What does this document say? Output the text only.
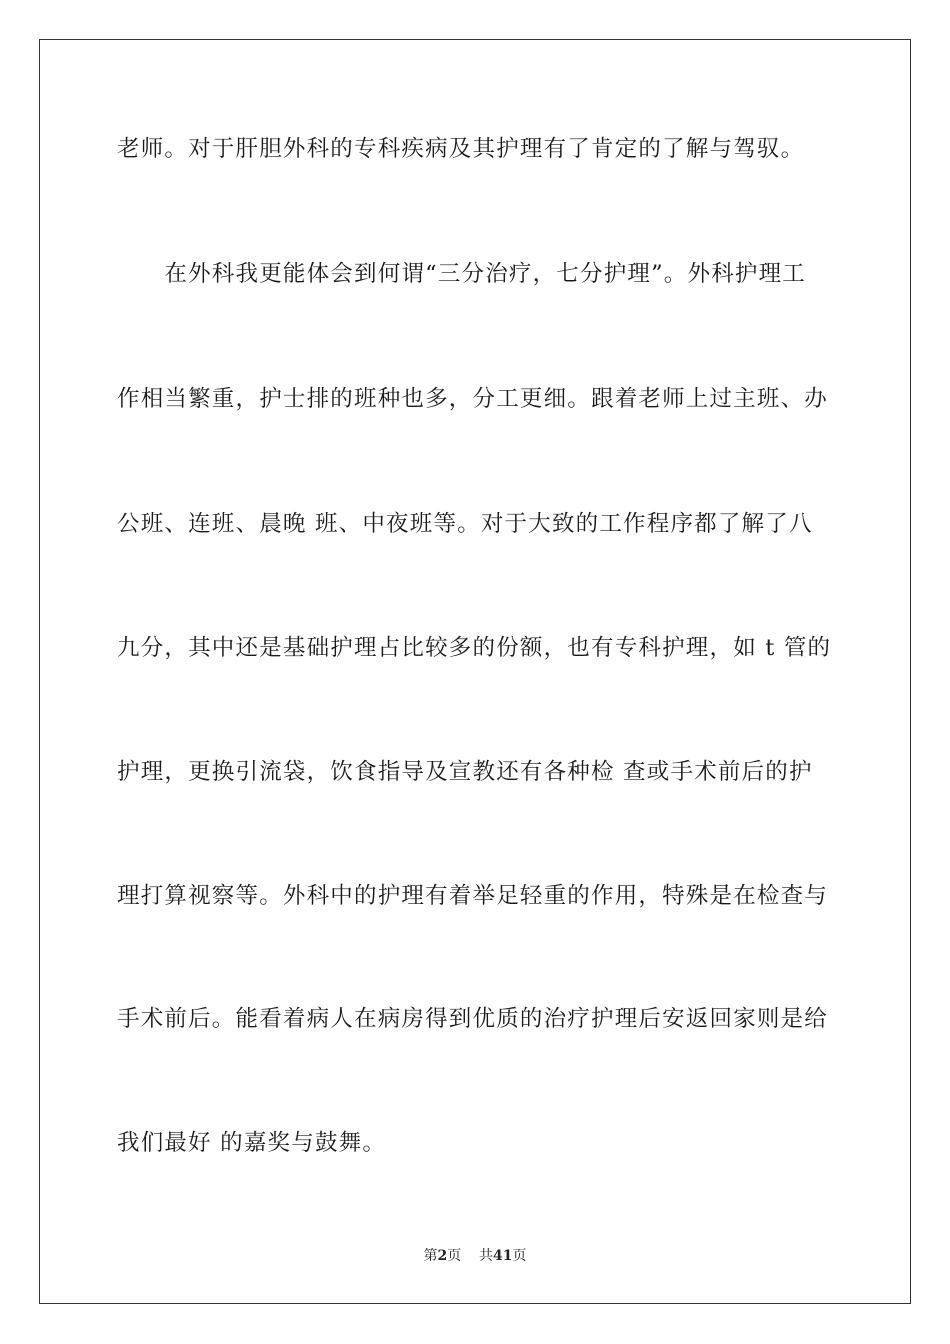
老师。对于肝胆外科的专科疾病及其护理有了肯定的了解与驾驭。
　　在外科我更能体会到何谓“三分治疗，七分护理”。外科护理工
作相当繁重，护士排的班种也多，分工更细。跟着老师上过主班、办
公班、连班、晨晚 班、中夜班等。对于大致的工作程序都了解了八
九分，其中还是基础护理占比较多的份额，也有专科护理，如 t 管的
护理，更换引流袋，饮食指导及宣教还有各种检 查或手术前后的护
理打算视察等。外科中的护理有着举足轻重的作用，特殊是在检查与
手术前后。能看着病人在病房得到优质的治疗护理后安返回家则是给
我们最好 的嘉奖与鼓舞。
第2页 共41页
